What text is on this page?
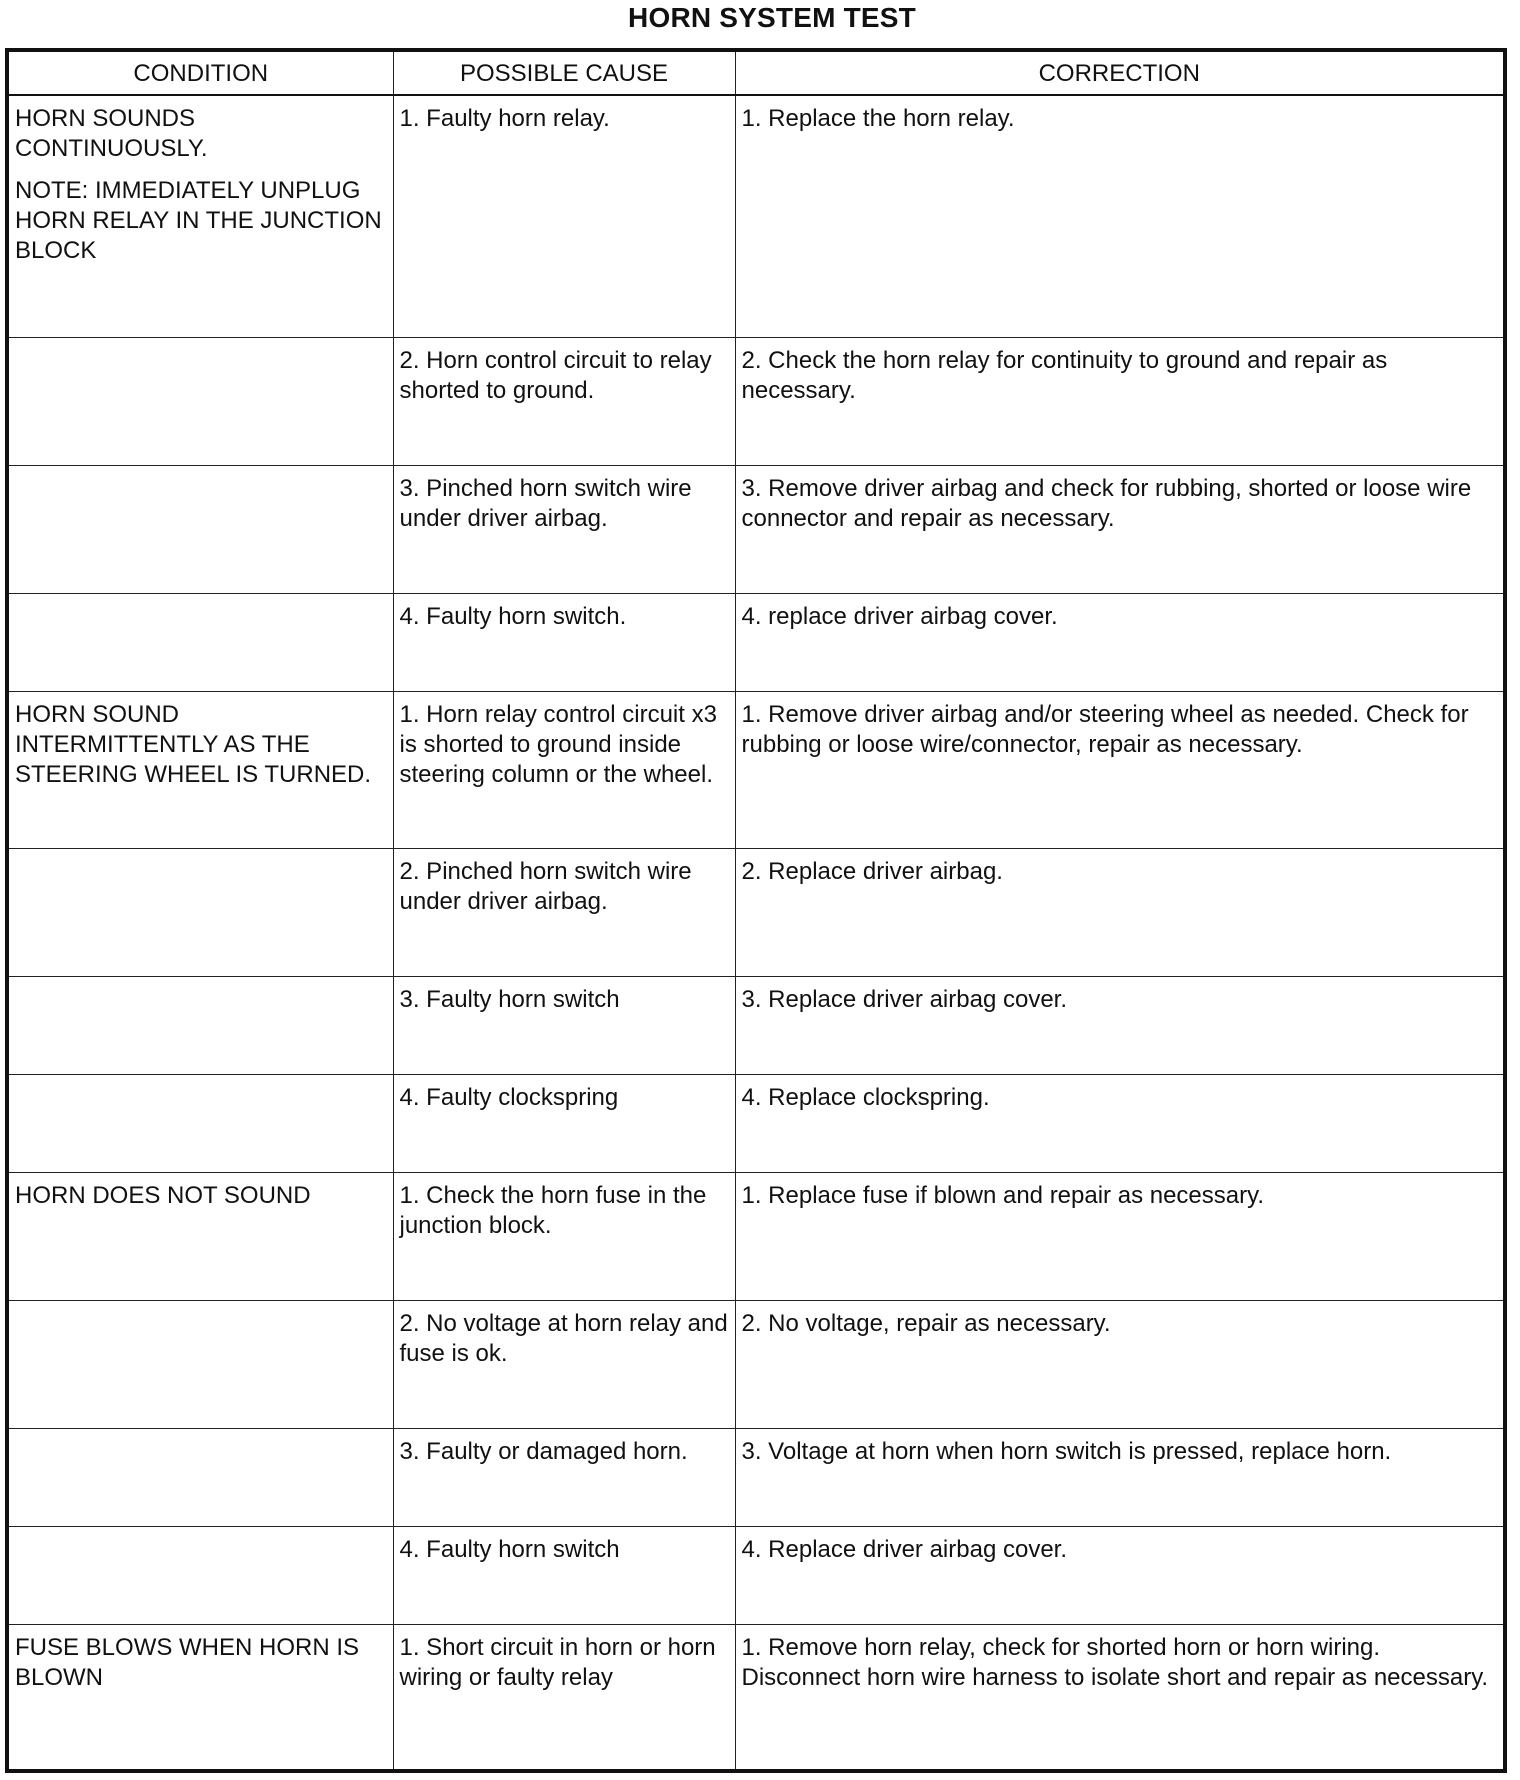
HORN SYSTEM TEST
CONDITION	POSSIBLE CAUSE	CORRECTION

HORN SOUNDS CONTINUOUSLY.
NOTE: IMMEDIATELY UNPLUG HORN RELAY IN THE JUNCTION BLOCK	1. Faulty horn relay.	1. Replace the horn relay.
	2. Horn control circuit to relay shorted to ground.	2. Check the horn relay for continuity to ground and repair as necessary.
	3. Pinched horn switch wire under driver airbag.	3. Remove driver airbag and check for rubbing, shorted or loose wire connector and repair as necessary.
	4. Faulty horn switch.	4. replace driver airbag cover.
HORN SOUND INTERMITTENTLY AS THE STEERING WHEEL IS TURNED.	1. Horn relay control circuit x3 is shorted to ground inside steering column or the wheel.	1. Remove driver airbag and/or steering wheel as needed. Check for rubbing or loose wire/connector, repair as necessary.
	2. Pinched horn switch wire under driver airbag.	2. Replace driver airbag.
	3. Faulty horn switch	3. Replace driver airbag cover.
	4. Faulty clockspring	4. Replace clockspring.
HORN DOES NOT SOUND	1. Check the horn fuse in the junction block.	1. Replace fuse if blown and repair as necessary.
	2. No voltage at horn relay and fuse is ok.	2. No voltage, repair as necessary.
	3. Faulty or damaged horn.	3. Voltage at horn when horn switch is pressed, replace horn.
	4. Faulty horn switch	4. Replace driver airbag cover.
FUSE BLOWS WHEN HORN IS BLOWN	1. Short circuit in horn or horn wiring or faulty relay	1. Remove horn relay, check for shorted horn or horn wiring. Disconnect horn wire harness to isolate short and repair as necessary.
